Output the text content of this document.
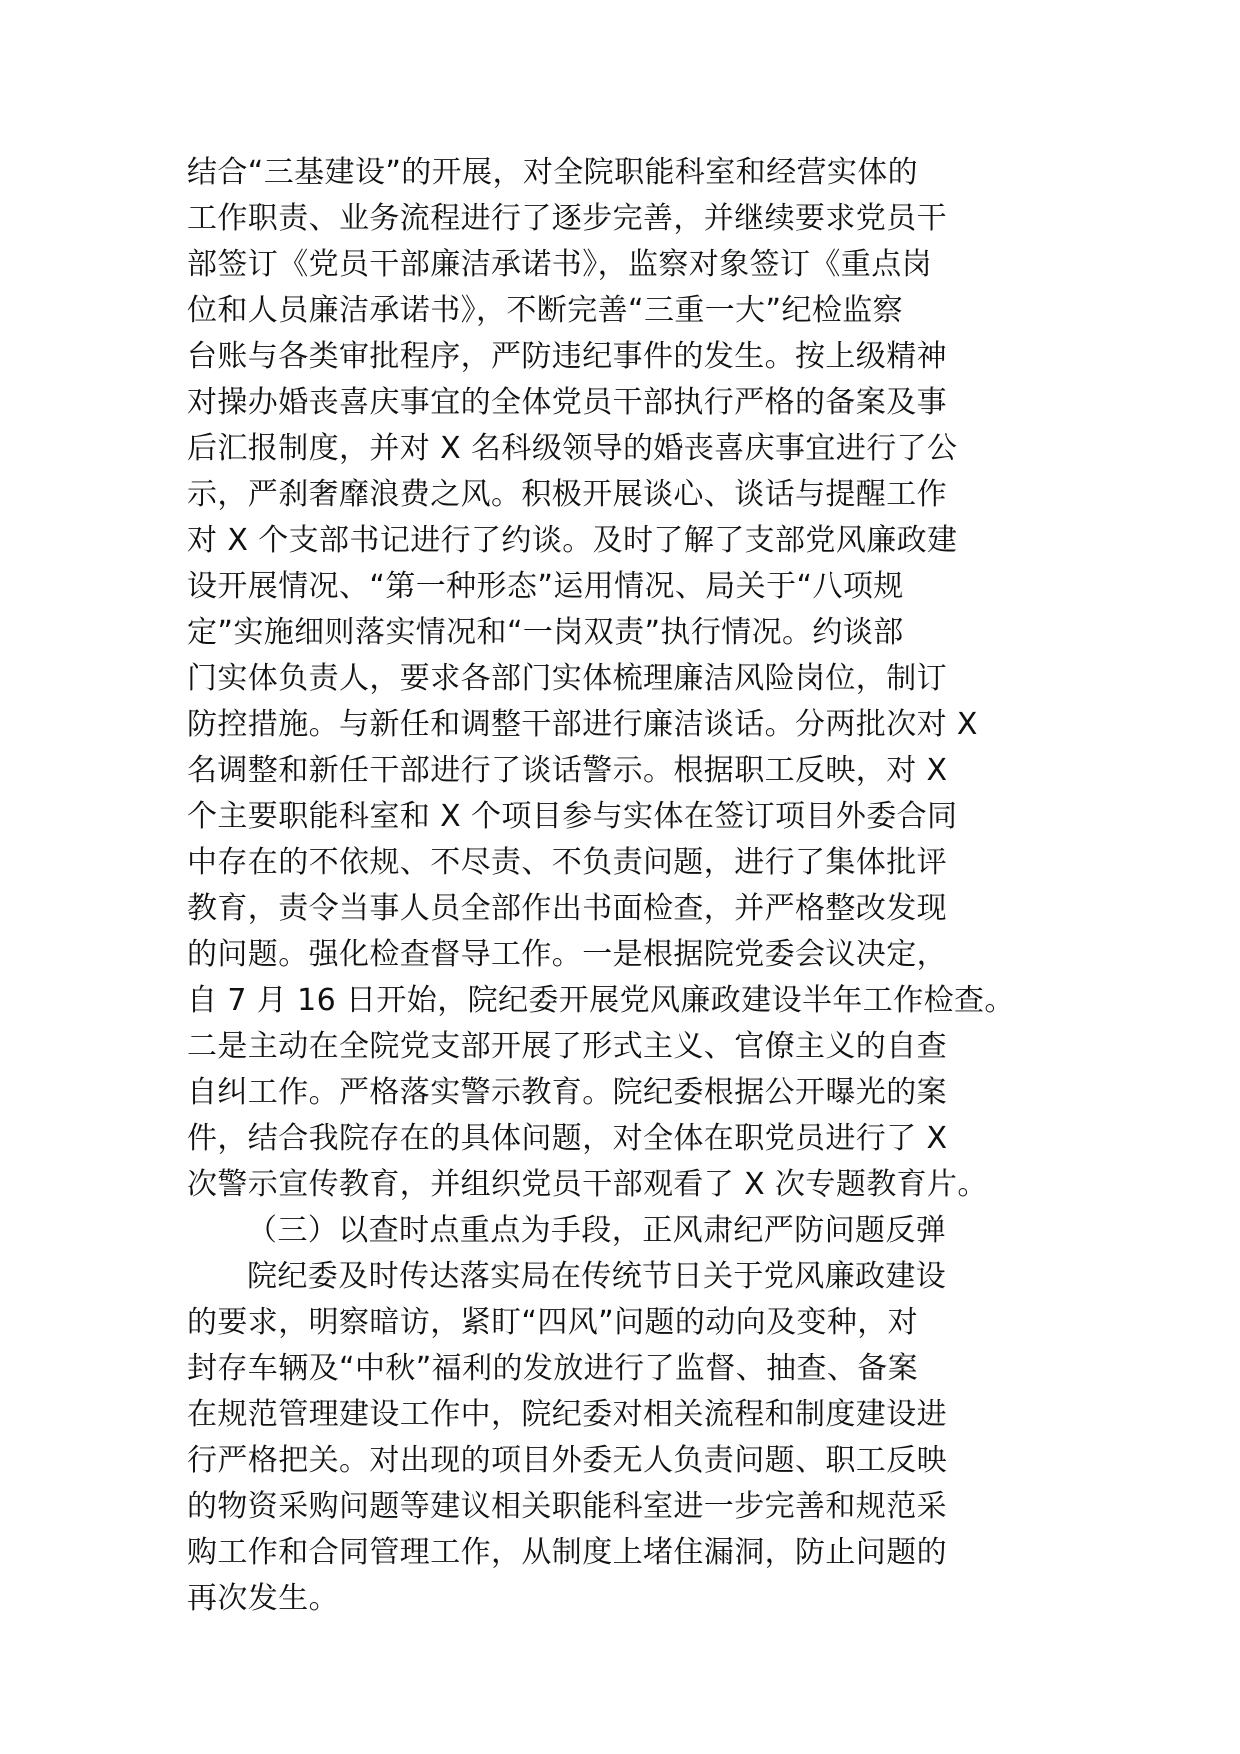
结合“三基建设”的开展，对全院职能科室和经营实体的
工作职责、业务流程进行了逐步完善，并继续要求党员干
部签订《党员干部廉洁承诺书》，监察对象签订《重点岗
位和人员廉洁承诺书》，不断完善“三重一大”纪检监察
台账与各类审批程序，严防违纪事件的发生。按上级精神
对操办婚丧喜庆事宜的全体党员干部执行严格的备案及事
后汇报制度，并对 X 名科级领导的婚丧喜庆事宜进行了公
示，严刹奢靡浪费之风。积极开展谈心、谈话与提醒工作
对 X 个支部书记进行了约谈。及时了解了支部党风廉政建
设开展情况、“第一种形态”运用情况、局关于“八项规
定”实施细则落实情况和“一岗双责”执行情况。约谈部
门实体负责人，要求各部门实体梳理廉洁风险岗位，制订
防控措施。与新任和调整干部进行廉洁谈话。分两批次对 X
名调整和新任干部进行了谈话警示。根据职工反映，对 X
个主要职能科室和 X 个项目参与实体在签订项目外委合同
中存在的不依规、不尽责、不负责问题，进行了集体批评
教育，责令当事人员全部作出书面检查，并严格整改发现
的问题。强化检查督导工作。一是根据院党委会议决定，
自 7 月 16 日开始，院纪委开展党风廉政建设半年工作检查。
二是主动在全院党支部开展了形式主义、官僚主义的自查
自纠工作。严格落实警示教育。院纪委根据公开曝光的案
件，结合我院存在的具体问题，对全体在职党员进行了 X
次警示宣传教育，并组织党员干部观看了 X 次专题教育片。
（三）以查时点重点为手段，正风肃纪严防问题反弹
院纪委及时传达落实局在传统节日关于党风廉政建设
的要求，明察暗访，紧盯“四风”问题的动向及变种，对
封存车辆及“中秋”福利的发放进行了监督、抽查、备案
在规范管理建设工作中，院纪委对相关流程和制度建设进
行严格把关。对出现的项目外委无人负责问题、职工反映
的物资采购问题等建议相关职能科室进一步完善和规范采
购工作和合同管理工作，从制度上堵住漏洞，防止问题的
再次发生。
